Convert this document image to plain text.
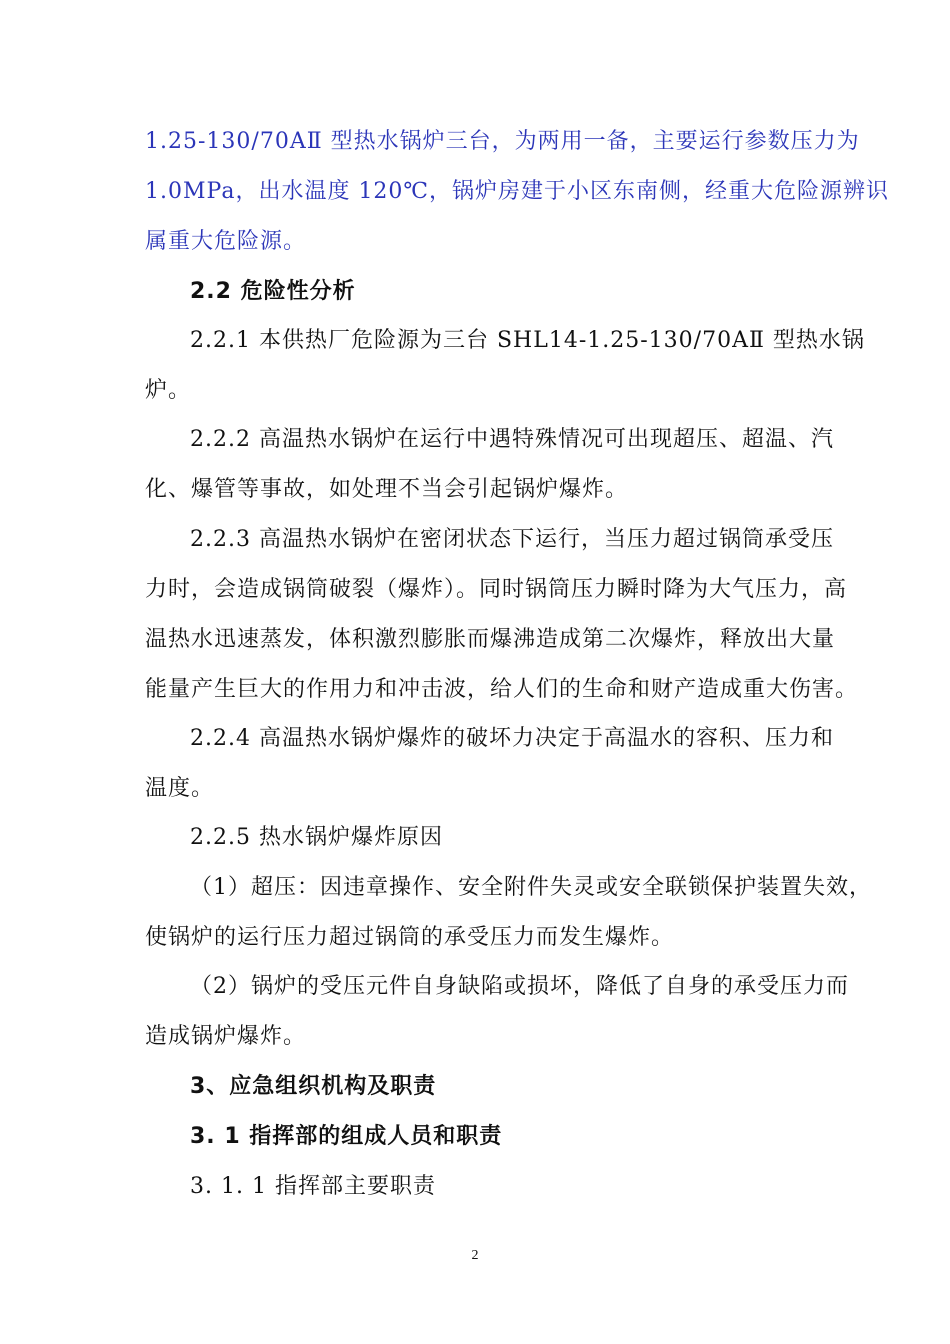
1.25-130/70AⅡ 型热水锅炉三台，为两用一备，主要运行参数压力为
1.0MPa，出水温度 120℃，锅炉房建于小区东南侧，经重大危险源辨识
属重大危险源。
2.2 危险性分析
2.2.1 本供热厂危险源为三台 SHL14-1.25-130/70AⅡ 型热水锅
炉。
2.2.2 高温热水锅炉在运行中遇特殊情况可出现超压、超温、汽
化、爆管等事故，如处理不当会引起锅炉爆炸。
2.2.3 高温热水锅炉在密闭状态下运行，当压力超过锅筒承受压
力时，会造成锅筒破裂（爆炸）。同时锅筒压力瞬时降为大气压力，高
温热水迅速蒸发，体积激烈膨胀而爆沸造成第二次爆炸，释放出大量
能量产生巨大的作用力和冲击波，给人们的生命和财产造成重大伤害。
2.2.4 高温热水锅炉爆炸的破坏力决定于高温水的容积、压力和
温度。
2.2.5 热水锅炉爆炸原因
（1）超压：因违章操作、安全附件失灵或安全联锁保护装置失效，
使锅炉的运行压力超过锅筒的承受压力而发生爆炸。
（2）锅炉的受压元件自身缺陷或损坏，降低了自身的承受压力而
造成锅炉爆炸。
3、应急组织机构及职责
3. 1 指挥部的组成人员和职责
3. 1. 1 指挥部主要职责
2
